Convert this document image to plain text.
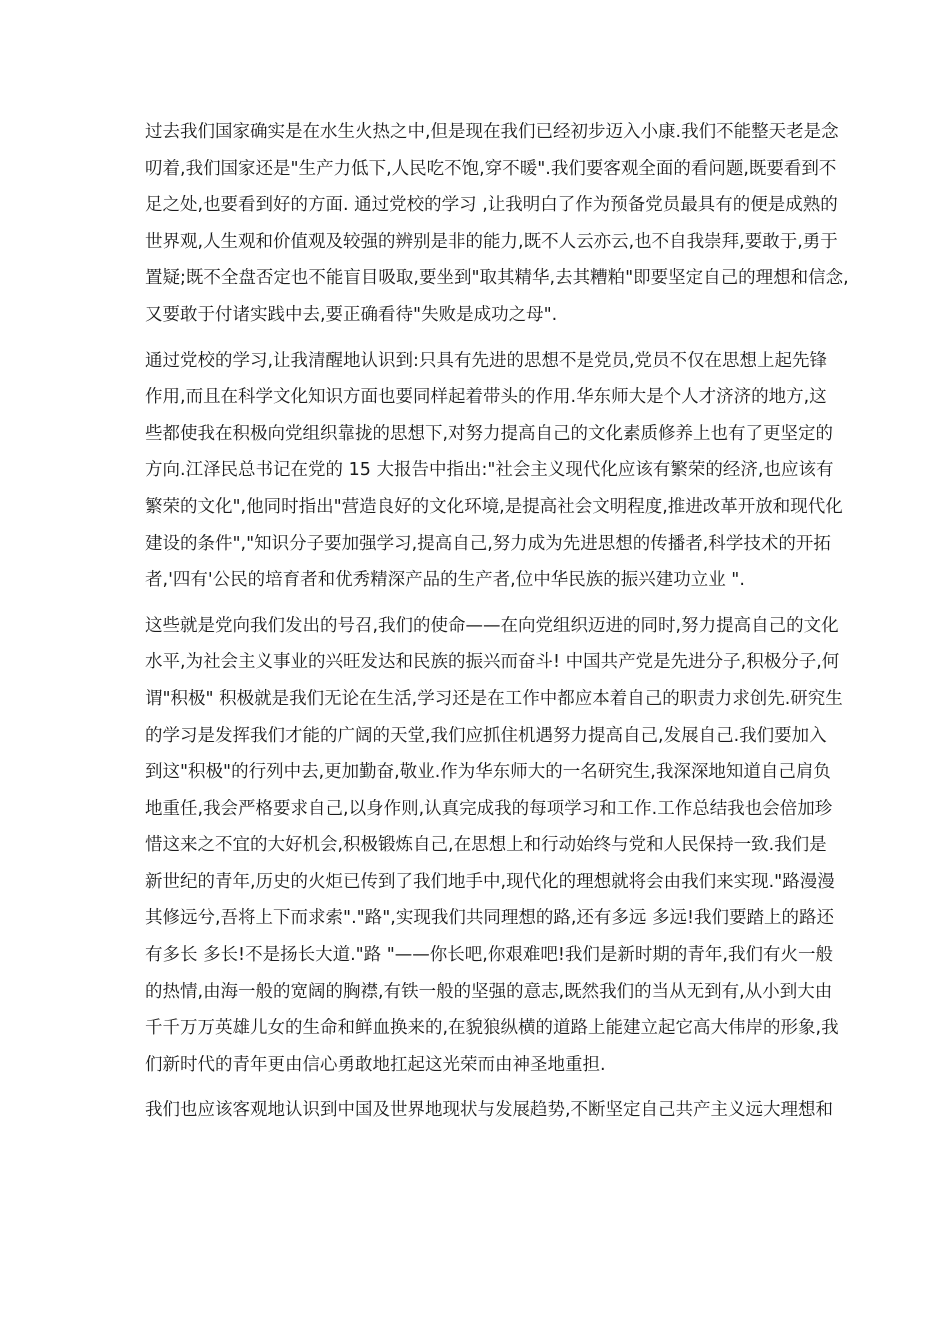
过去我们国家确实是在水生火热之中,但是现在我们已经初步迈入小康.我们不能整天老是念
叨着,我们国家还是"生产力低下,人民吃不饱,穿不暖".我们要客观全面的看问题,既要看到不
足之处,也要看到好的方面. 通过党校的学习 ,让我明白了作为预备党员最具有的便是成熟的
世界观,人生观和价值观及较强的辨别是非的能力,既不人云亦云,也不自我崇拜,要敢于,勇于
置疑;既不全盘否定也不能盲目吸取,要坐到"取其精华,去其糟粕"即要坚定自己的理想和信念,
又要敢于付诸实践中去,要正确看待"失败是成功之母".
通过党校的学习,让我清醒地认识到:只具有先进的思想不是党员,党员不仅在思想上起先锋
作用,而且在科学文化知识方面也要同样起着带头的作用.华东师大是个人才济济的地方,这
些都使我在积极向党组织靠拢的思想下,对努力提高自己的文化素质修养上也有了更坚定的
方向.江泽民总书记在党的 15 大报告中指出:"社会主义现代化应该有繁荣的经济,也应该有
繁荣的文化",他同时指出"营造良好的文化环境,是提高社会文明程度,推进改革开放和现代化
建设的条件","知识分子要加强学习,提高自己,努力成为先进思想的传播者,科学技术的开拓
者,'四有'公民的培育者和优秀精深产品的生产者,位中华民族的振兴建功立业 ".
这些就是党向我们发出的号召,我们的使命——在向党组织迈进的同时,努力提高自己的文化
水平,为社会主义事业的兴旺发达和民族的振兴而奋斗! 中国共产党是先进分子,积极分子,何
谓"积极" 积极就是我们无论在生活,学习还是在工作中都应本着自己的职责力求创先.研究生
的学习是发挥我们才能的广阔的天堂,我们应抓住机遇努力提高自己,发展自己.我们要加入
到这"积极"的行列中去,更加勤奋,敬业.作为华东师大的一名研究生,我深深地知道自己肩负
地重任,我会严格要求自己,以身作则,认真完成我的每项学习和工作.工作总结我也会倍加珍
惜这来之不宜的大好机会,积极锻炼自己,在思想上和行动始终与党和人民保持一致.我们是
新世纪的青年,历史的火炬已传到了我们地手中,现代化的理想就将会由我们来实现."路漫漫
其修远兮,吾将上下而求索"."路",实现我们共同理想的路,还有多远 多远!我们要踏上的路还
有多长 多长!不是扬长大道."路 "——你长吧,你艰难吧!我们是新时期的青年,我们有火一般
的热情,由海一般的宽阔的胸襟,有铁一般的坚强的意志,既然我们的当从无到有,从小到大由
千千万万英雄儿女的生命和鲜血换来的,在貌狼纵横的道路上能建立起它高大伟岸的形象,我
们新时代的青年更由信心勇敢地扛起这光荣而由神圣地重担.
我们也应该客观地认识到中国及世界地现状与发展趋势,不断坚定自己共产主义远大理想和
